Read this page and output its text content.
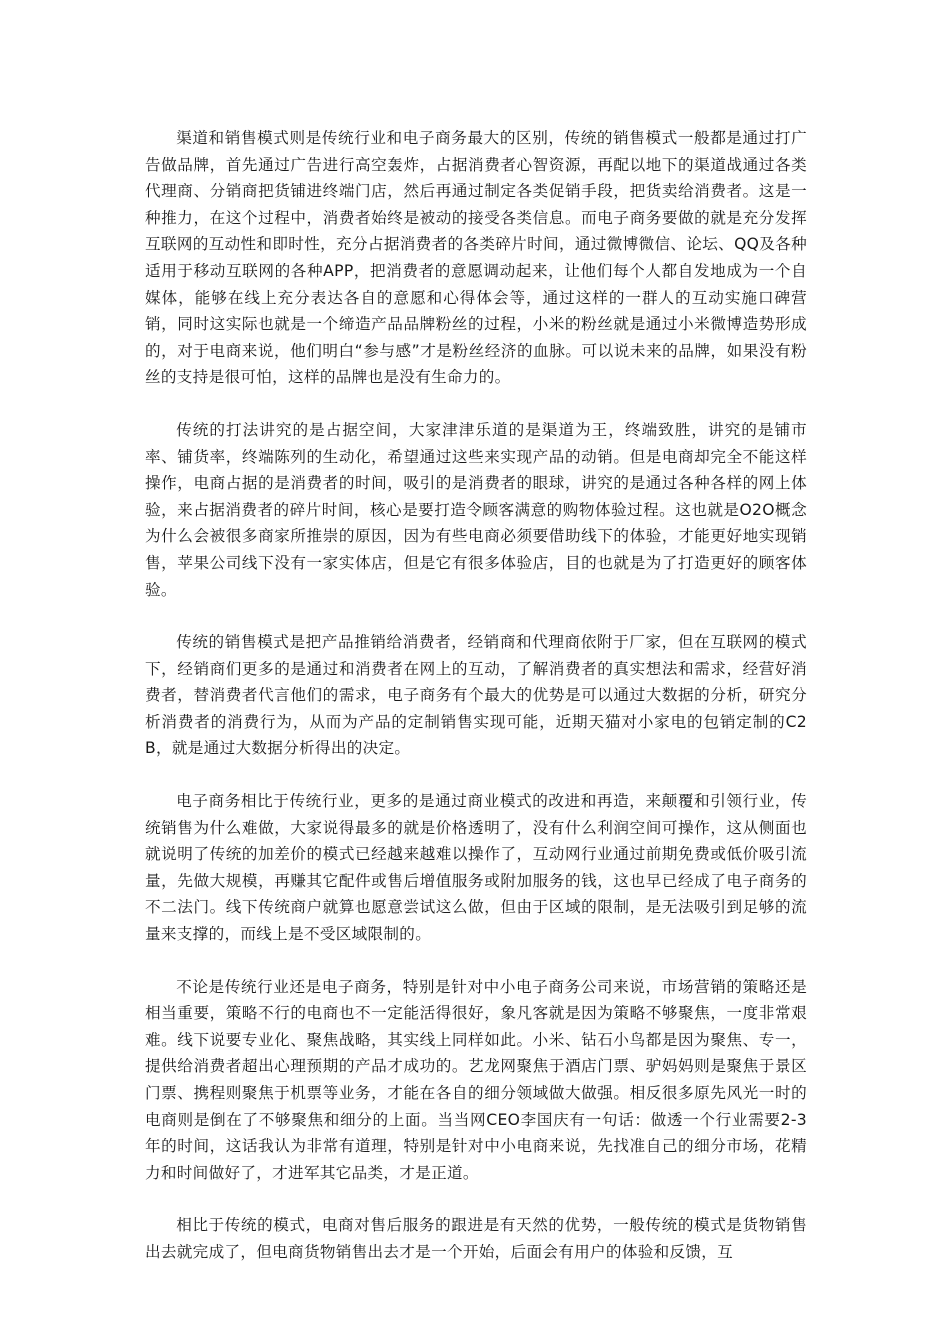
渠道和销售模式则是传统行业和电子商务最大的区别，传统的销售模式一般都是通过打广告做品牌，首先通过广告进行高空轰炸，占据消费者心智资源，再配以地下的渠道战通过各类代理商、分销商把货铺进终端门店，然后再通过制定各类促销手段，把货卖给消费者。这是一种推力，在这个过程中，消费者始终是被动的接受各类信息。而电子商务要做的就是充分发挥互联网的互动性和即时性，充分占据消费者的各类碎片时间，通过微博微信、论坛、QQ及各种适用于移动互联网的各种APP，把消费者的意愿调动起来，让他们每个人都自发地成为一个自媒体，能够在线上充分表达各自的意愿和心得体会等，通过这样的一群人的互动实施口碑营销，同时这实际也就是一个缔造产品品牌粉丝的过程，小米的粉丝就是通过小米微博造势形成的，对于电商来说，他们明白“参与感”才是粉丝经济的血脉。可以说未来的品牌，如果没有粉丝的支持是很可怕，这样的品牌也是没有生命力的。

传统的打法讲究的是占据空间，大家津津乐道的是渠道为王，终端致胜，讲究的是铺市率、铺货率，终端陈列的生动化，希望通过这些来实现产品的动销。但是电商却完全不能这样操作，电商占据的是消费者的时间，吸引的是消费者的眼球，讲究的是通过各种各样的网上体验，来占据消费者的碎片时间，核心是要打造令顾客满意的购物体验过程。这也就是O2O概念为什么会被很多商家所推崇的原因，因为有些电商必须要借助线下的体验，才能更好地实现销售，苹果公司线下没有一家实体店，但是它有很多体验店，目的也就是为了打造更好的顾客体验。

传统的销售模式是把产品推销给消费者，经销商和代理商依附于厂家，但在互联网的模式下，经销商们更多的是通过和消费者在网上的互动，了解消费者的真实想法和需求，经营好消费者，替消费者代言他们的需求，电子商务有个最大的优势是可以通过大数据的分析，研究分析消费者的消费行为，从而为产品的定制销售实现可能，近期天猫对小家电的包销定制的C2B，就是通过大数据分析得出的决定。

电子商务相比于传统行业，更多的是通过商业模式的改进和再造，来颠覆和引领行业，传统销售为什么难做，大家说得最多的就是价格透明了，没有什么利润空间可操作，这从侧面也就说明了传统的加差价的模式已经越来越难以操作了，互动网行业通过前期免费或低价吸引流量，先做大规模，再赚其它配件或售后增值服务或附加服务的钱，这也早已经成了电子商务的不二法门。线下传统商户就算也愿意尝试这么做，但由于区域的限制，是无法吸引到足够的流量来支撑的，而线上是不受区域限制的。

不论是传统行业还是电子商务，特别是针对中小电子商务公司来说，市场营销的策略还是相当重要，策略不行的电商也不一定能活得很好，象凡客就是因为策略不够聚焦，一度非常艰难。线下说要专业化、聚焦战略，其实线上同样如此。小米、钻石小鸟都是因为聚焦、专一，提供给消费者超出心理预期的产品才成功的。艺龙网聚焦于酒店门票、驴妈妈则是聚焦于景区门票、携程则聚焦于机票等业务，才能在各自的细分领域做大做强。相反很多原先风光一时的电商则是倒在了不够聚焦和细分的上面。当当网CEO李国庆有一句话：做透一个行业需要2-3年的时间，这话我认为非常有道理，特别是针对中小电商来说，先找准自己的细分市场，花精力和时间做好了，才进军其它品类，才是正道。

相比于传统的模式，电商对售后服务的跟进是有天然的优势，一般传统的模式是货物销售出去就完成了，但电商货物销售出去才是一个开始，后面会有用户的体验和反馈，互
